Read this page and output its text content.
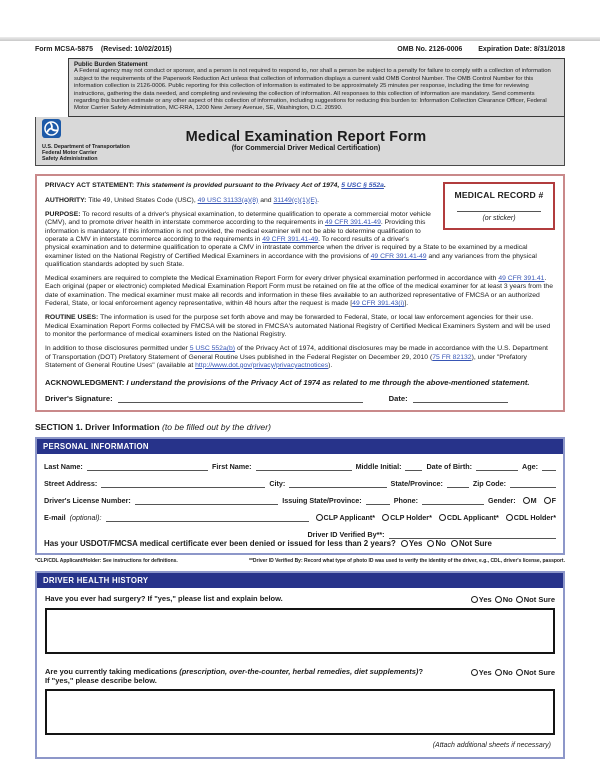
Form MCSA-5875 (Revised: 10/02/2015)	OMB No. 2126-0006 Expiration Date: 8/31/2018
Public Burden Statement
A Federal agency may not conduct or sponsor, and a person is not required to respond to, nor shall a person be subject to a penalty for failure to comply with a collection of information subject to the requirements of the Paperwork Reduction Act unless that collection of information displays a current valid OMB Control Number. The OMB Control Number for this information collection is 2126-0006. Public reporting for this collection of information is estimated to be approximately 25 minutes per response, including the time for reviewing instructions, gathering the data needed, and completing and reviewing the collection of information. All responses to this collection of information are mandatory. Send comments regarding this burden estimate or any other aspect of this collection of information, including suggestions for reducing this burden to: Information Collection Clearance Officer, Federal Motor Carrier Safety Administration, MC-RRA, 1200 New Jersey Avenue, SE, Washington, D.C. 20590.
U.S. Department of Transportation
Federal Motor Carrier
Safety Administration
Medical Examination Report Form
(for Commercial Driver Medical Certification)
MEDICAL RECORD #
(or sticker)

PRIVACY ACT STATEMENT: This statement is provided pursuant to the Privacy Act of 1974, 5 USC § 552a.

AUTHORITY: Title 49, United States Code (USC), 49 USC 31133(a)(8) and 31149(c)(1)(E).

PURPOSE: To record results of a driver's physical examination, to determine qualification to operate a commercial motor vehicle (CMV), and to promote driver health in interstate commerce according to the requirements in 49 CFR 391.41-49. Providing this information is mandatory. If this information is not provided, the medical examiner will not be able to determine qualification to operate a CMV in interstate commerce according to the requirements in 49 CFR 391.41-49. To record results of a driver's physical examination and to determine qualification to operate a CMV in intrastate commerce when the driver is required by a State to be examined by a medical examiner listed on the National Registry of Certified Medical Examiners in accordance with the provisions of 49 CFR 391.41-49 and any variances from the physical qualification standards adopted by such State.

Medical examiners are required to complete the Medical Examination Report Form for every driver physical examination performed in accordance with 49 CFR 391.41. Each original (paper or electronic) completed Medical Examination Report Form must be retained on file at the office of the medical examiner for at least 3 years from the date of examination. The medical examiner must make all records and information in these files available to an authorized representative of FMCSA or an authorized Federal, State, or local enforcement agency representative, within 48 hours after the request is made [49 CFR 391.43(i)].

ROUTINE USES: The information is used for the purpose set forth above and may be forwarded to Federal, State, or local law enforcement agencies for their use. Medical Examination Report Forms collected by FMCSA will be stored in FMCSA's automated National Registry of Certified Medical Examiners System and will be used to monitor the performance of medical examiners listed on the National Registry.

In addition to those disclosures permitted under 5 USC 552a(b) of the Privacy Act of 1974, additional disclosures may be made in accordance with the U.S. Department of Transportation (DOT) Prefatory Statement of General Routine Uses published in the Federal Register on December 29, 2010 (75 FR 82132), under "Prefatory Statement of General Routine Uses" (available at http://www.dot.gov/privacy/privacyactnotices).

ACKNOWLEDGMENT: I understand the provisions of the Privacy Act of 1974 as related to me through the above-mentioned statement.

Driver's Signature:	Date:
SECTION 1. Driver Information (to be filled out by the driver)
PERSONAL INFORMATION
Last Name:	First Name:	Middle Initial:	Date of Birth:	Age:
Street Address:	City:	State/Province:	Zip Code:
Driver's License Number:	Issuing State/Province:	Phone:	Gender: M F
E-mail (optional):	CLP Applicant* CLP Holder* CDL Applicant* CDL Holder*
Driver ID Verified By**:
Has your USDOT/FMCSA medical certificate ever been denied or issued for less than 2 years? Yes No Not Sure
*CLP/CDL Applicant/Holder: See instructions for definitions.	**Driver ID Verified By: Record what type of photo ID was used to verify the identity of the driver, e.g., CDL, driver's license, passport.
DRIVER HEALTH HISTORY
Have you ever had surgery? If "yes," please list and explain below.	Yes No Not Sure
Are you currently taking medications (prescription, over-the-counter, herbal remedies, diet supplements)?
If "yes," please describe below.
Yes No Not Sure
(Attach additional sheets if necessary)
